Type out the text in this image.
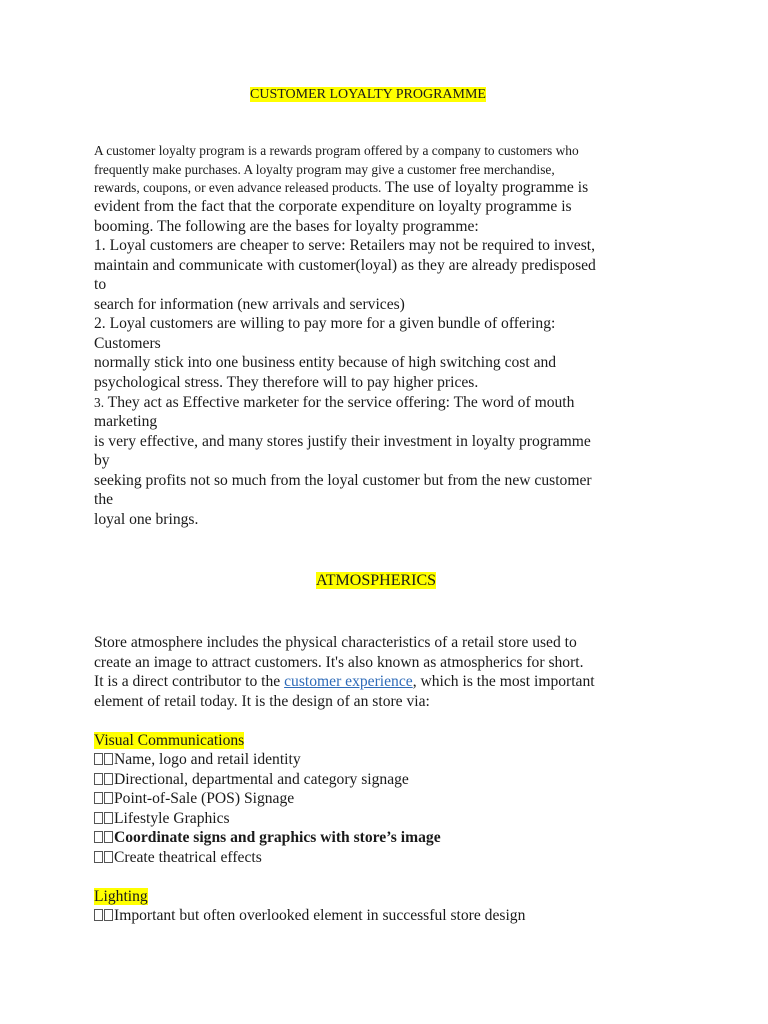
CUSTOMER LOYALTY PROGRAMME
A customer loyalty program is a rewards program offered by a company to customers who
frequently make purchases. A loyalty program may give a customer free merchandise,
rewards, coupons, or even advance released products. The use of loyalty programme is
evident from the fact that the corporate expenditure on loyalty programme is
booming. The following are the bases for loyalty programme:
1. Loyal customers are cheaper to serve: Retailers may not be required to invest,
maintain and communicate with customer(loyal) as they are already predisposed
to
search for information (new arrivals and services)
2. Loyal customers are willing to pay more for a given bundle of offering:
Customers
normally stick into one business entity because of high switching cost and
psychological stress. They therefore will to pay higher prices.
3. They act as Effective marketer for the service offering: The word of mouth
marketing
is very effective, and many stores justify their investment in loyalty programme
by
seeking profits not so much from the loyal customer but from the new customer
the
loyal one brings.
ATMOSPHERICS
Store atmosphere includes the physical characteristics of a retail store used to
create an image to attract customers. It's also known as atmospherics for short.
It is a direct contributor to the customer experience, which is the most important
element of retail today. It is the design of an store via:
Visual Communications
Name, logo and retail identity
Directional, departmental and category signage
Point-of-Sale (POS) Signage
Lifestyle Graphics
Coordinate signs and graphics with store’s image
Create theatrical effects
Lighting
Important but often overlooked element in successful store design
